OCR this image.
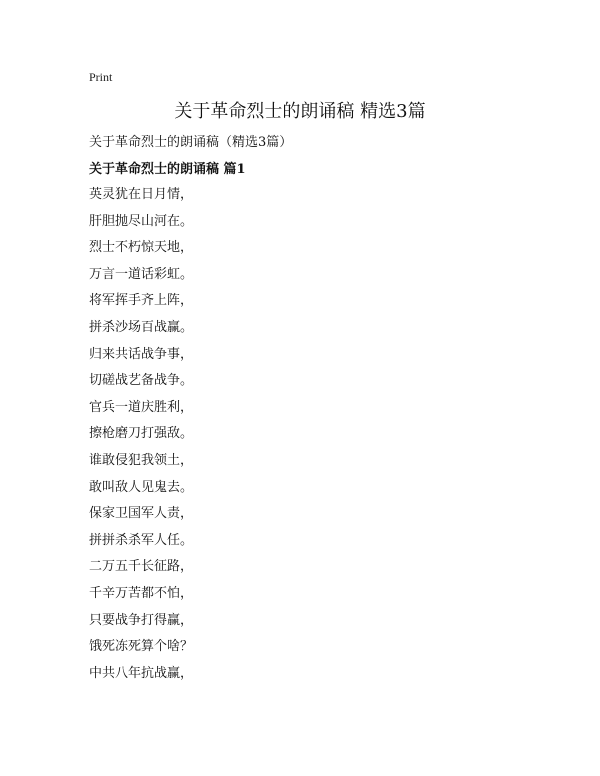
Print
关于革命烈士的朗诵稿 精选3篇
关于革命烈士的朗诵稿（精选3篇）
关于革命烈士的朗诵稿 篇1
英灵犹在日月情，
肝胆抛尽山河在。
烈士不朽惊天地，
万言一道话彩虹。
将军挥手齐上阵，
拼杀沙场百战赢。
归来共话战争事，
切磋战艺备战争。
官兵一道庆胜利，
擦枪磨刀打强敌。
谁敢侵犯我领土，
敢叫敌人见鬼去。
保家卫国军人责，
拼拼杀杀军人任。
二万五千长征路，
千辛万苦都不怕，
只要战争打得赢，
饿死冻死算个啥？
中共八年抗战赢，
